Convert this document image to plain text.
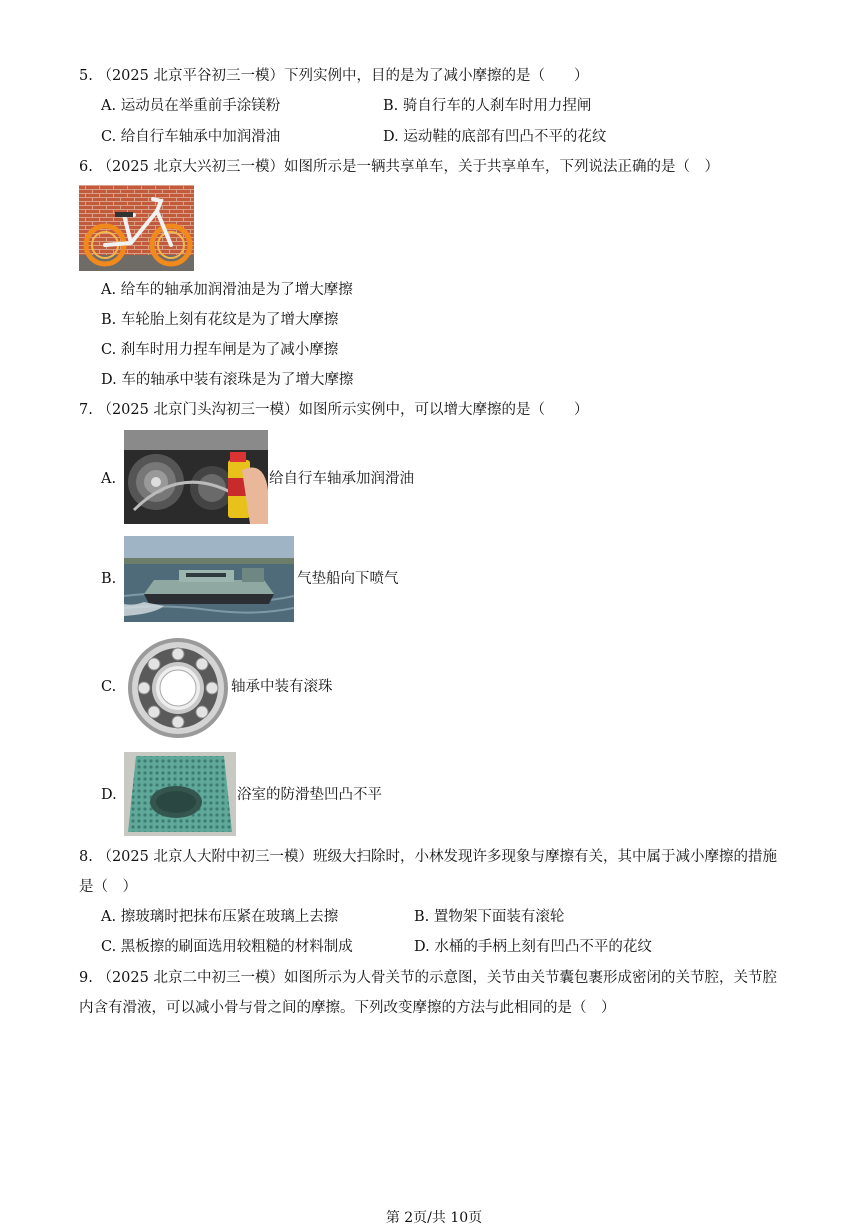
5. （2025 北京平谷初三一模）下列实例中，目的是为了减小摩擦的是（　　）
A. 运动员在举重前手涂镁粉	B. 骑自行车的人刹车时用力捏闸
C. 给自行车轴承中加润滑油	D. 运动鞋的底部有凹凸不平的花纹
6. （2025 北京大兴初三一模）如图所示是一辆共享单车，关于共享单车，下列说法正确的是（　）
A. 给车的轴承加润滑油是为了增大摩擦
B. 车轮胎上刻有花纹是为了增大摩擦
C. 刹车时用力捏车闸是为了减小摩擦
D. 车的轴承中装有滚珠是为了增大摩擦
7. （2025 北京门头沟初三一模）如图所示实例中，可以增大摩擦的是（　　）
A.	给自行车轴承加润滑油
B.	气垫船向下喷气
C.	轴承中装有滚珠
D.	浴室的防滑垫凹凸不平
8. （2025 北京人大附中初三一模）班级大扫除时，小林发现许多现象与摩擦有关，其中属于减小摩擦的措施
是（　）
A. 擦玻璃时把抹布压紧在玻璃上去擦	B. 置物架下面装有滚轮
C. 黑板擦的刷面选用较粗糙的材料制成	D. 水桶的手柄上刻有凹凸不平的花纹
9. （2025 北京二中初三一模）如图所示为人骨关节的示意图，关节由关节囊包裹形成密闭的关节腔，关节腔
内含有滑液，可以减小骨与骨之间的摩擦。下列改变摩擦的方法与此相同的是（　）
第 2页/共 10页
